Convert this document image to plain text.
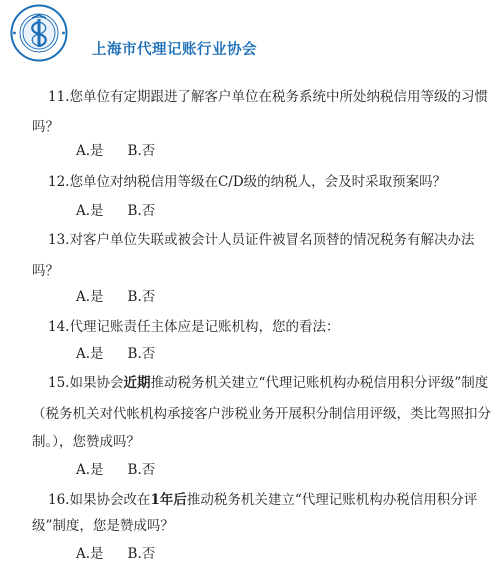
上海市代理记账行业协会
11.您单位有定期跟进了解客户单位在税务系统中所处纳税信用等级的习惯
吗？
A.是 B.否
12.您单位对纳税信用等级在C/D级的纳税人，会及时采取预案吗？
A.是 B.否
13.对客户单位失联或被会计人员证件被冒名顶替的情况税务有解决办法
吗？
A.是 B.否
14.代理记账责任主体应是记账机构，您的看法：
A.是 B.否
15.如果协会近期推动税务机关建立“代理记账机构办税信用积分评级”制度
（税务机关对代帐机构承接客户涉税业务开展积分制信用评级，类比驾照扣分
制。），您赞成吗？
A.是 B.否
16.如果协会改在1年后推动税务机关建立“代理记账机构办税信用积分评
级”制度，您是赞成吗？
A.是 B.否
